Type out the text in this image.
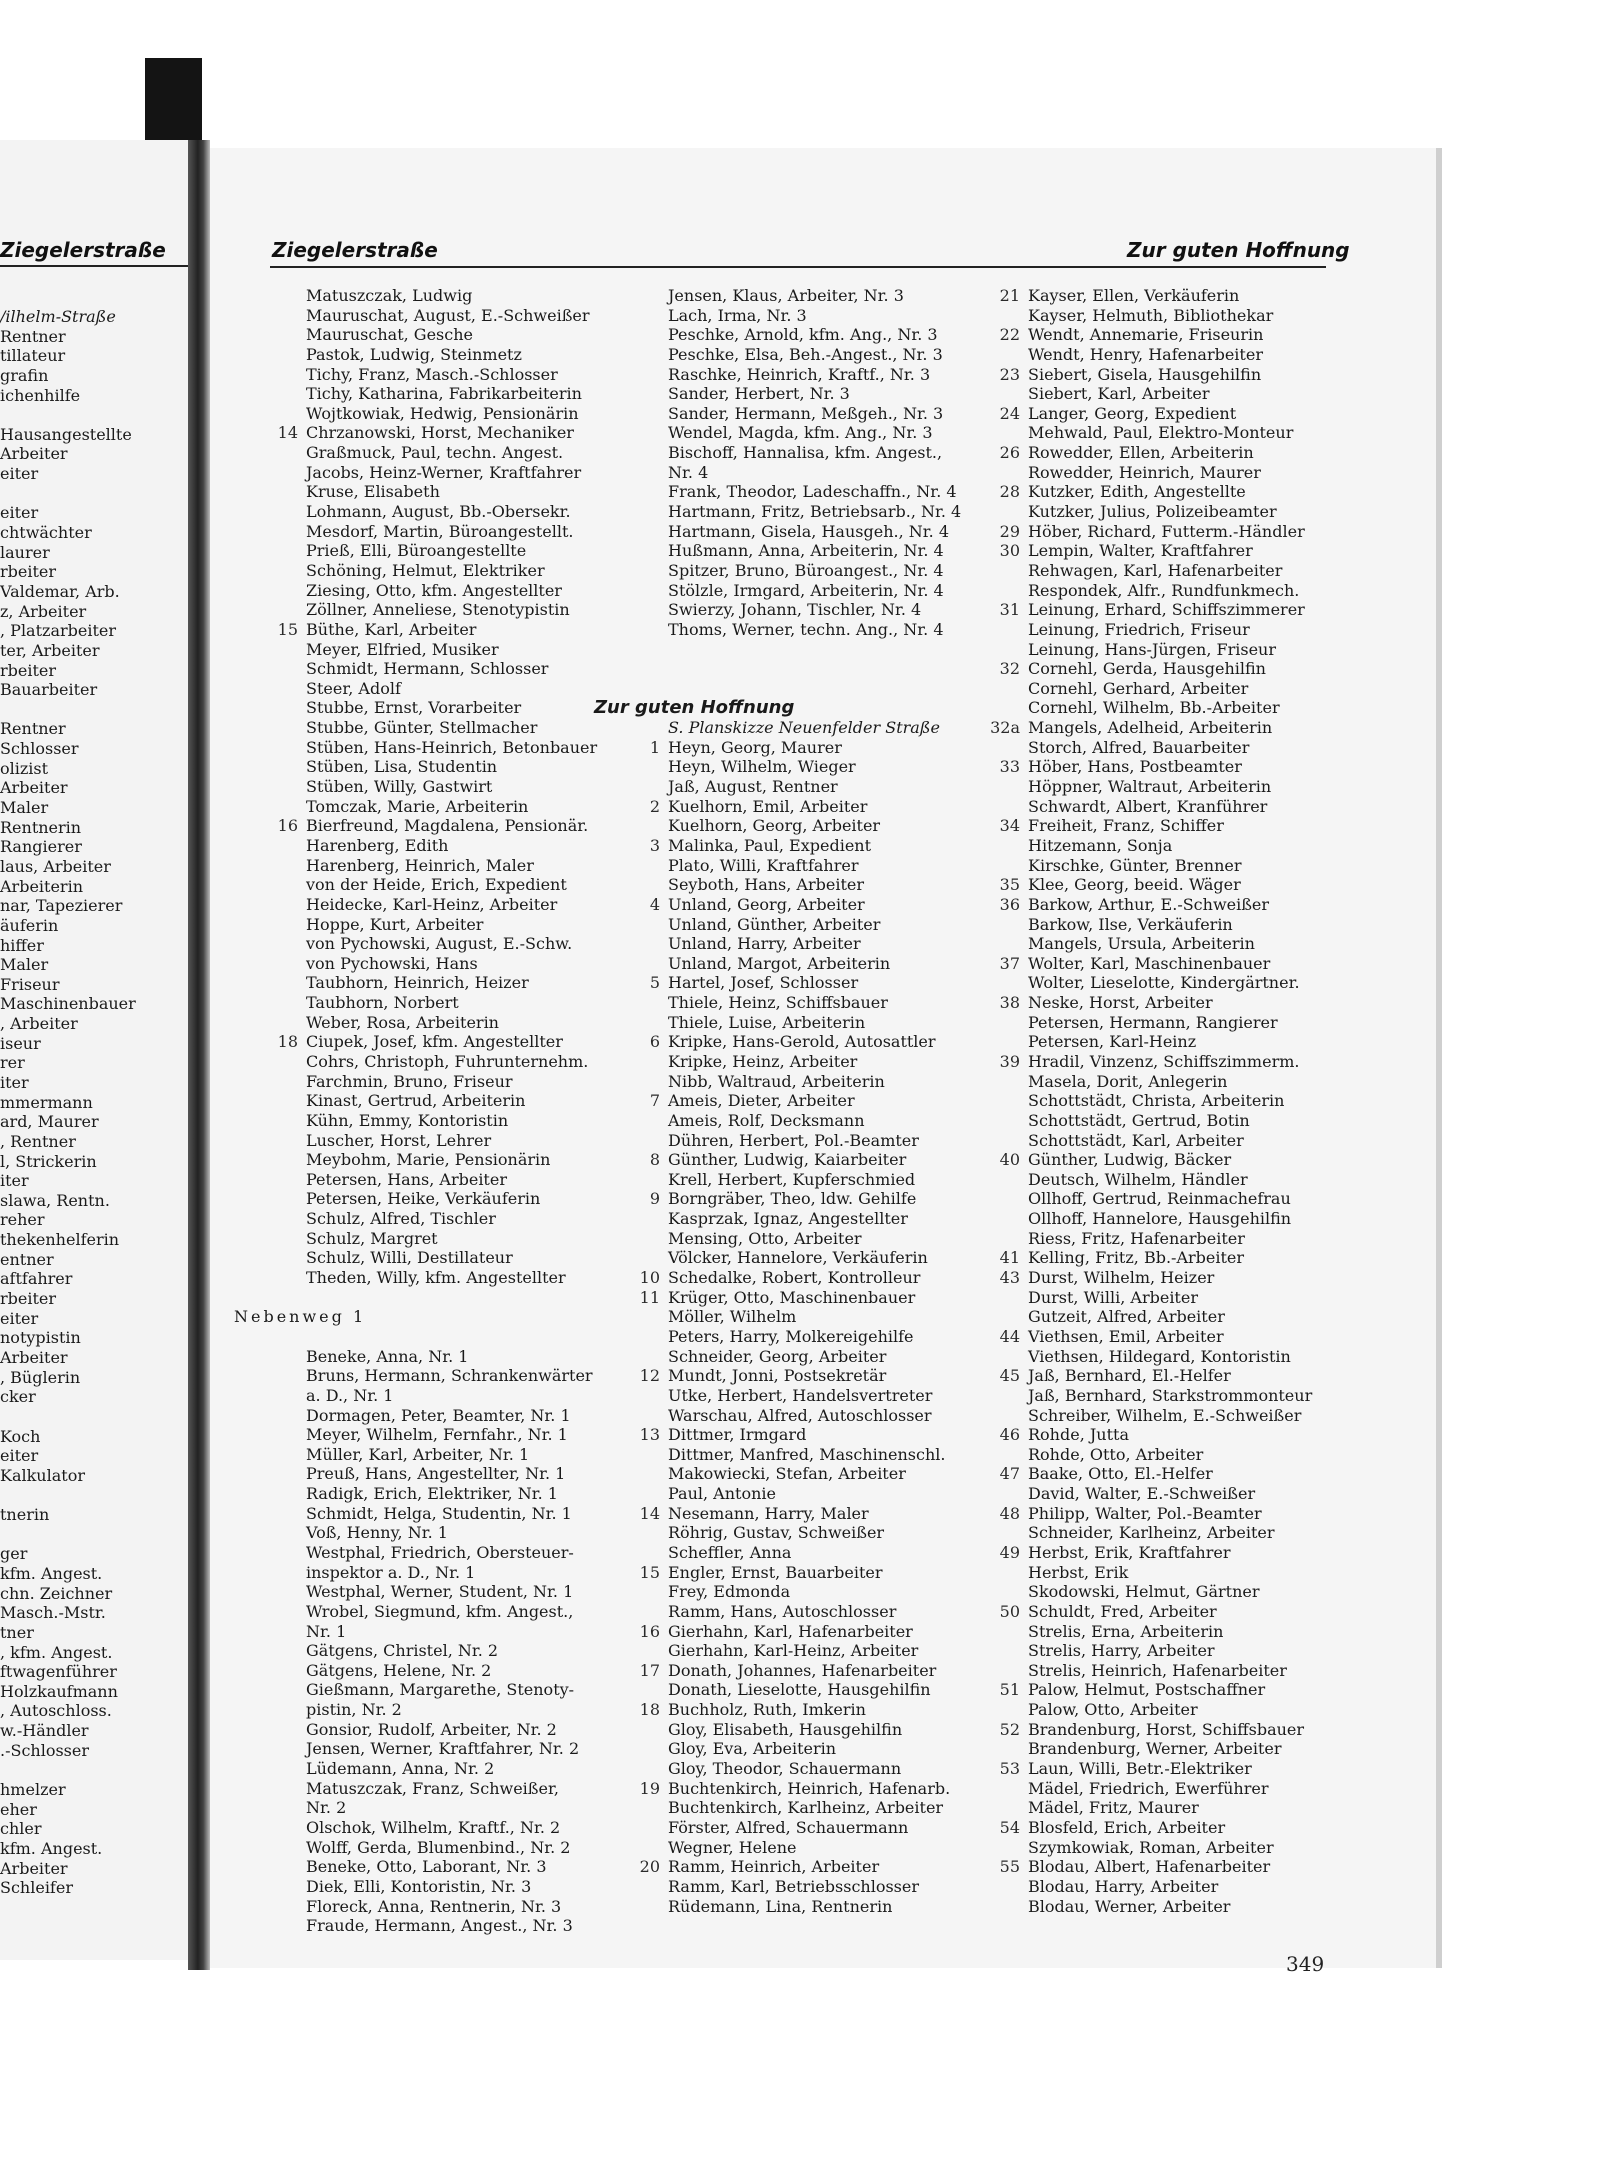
Ziegelerstraße	Ziegelerstraße	Zur guten Hoffnung
/ilhelm-Straße
Rentner
tillateur
grafin
ichenhilfe
Hausangestellte
Arbeiter
eiter
eiter
chtwächter
laurer
rbeiter
Valdemar, Arb.
z, Arbeiter
, Platzarbeiter
ter, Arbeiter
rbeiter
Bauarbeiter
Rentner
Schlosser
olizist
Arbeiter
Maler
Rentnerin
Rangierer
laus, Arbeiter
Arbeiterin
nar, Tapezierer
äuferin
hiffer
Maler
Friseur
Maschinenbauer
, Arbeiter
iseur
rer
iter
mmermann
ard, Maurer
, Rentner
l, Strickerin
iter
slawa, Rentn.
reher
thekenhelferin
entner
aftfahrer
rbeiter
eiter
notypistin
Arbeiter
, Büglerin
cker
Koch
eiter
Kalkulator
tnerin
ger
kfm. Angest.
chn. Zeichner
Masch.-Mstr.
tner
, kfm. Angest.
ftwagenführer
Holzkaufmann
, Autoschloss.
w.-Händler
.-Schlosser
hmelzer
eher
chler
kfm. Angest.
Arbeiter
Schleifer
Matuszczak, Ludwig
Mauruschat, August, E.-Schweißer
Mauruschat, Gesche
Pastok, Ludwig, Steinmetz
Tichy, Franz, Masch.-Schlosser
Tichy, Katharina, Fabrikarbeiterin
Wojtkowiak, Hedwig, Pensionärin
14 Chrzanowski, Horst, Mechaniker
Graßmuck, Paul, techn. Angest.
Jacobs, Heinz-Werner, Kraftfahrer
Kruse, Elisabeth
Lohmann, August, Bb.-Obersekr.
Mesdorf, Martin, Büroangestellt.
Prieß, Elli, Büroangestellte
Schöning, Helmut, Elektriker
Ziesing, Otto, kfm. Angestellter
Zöllner, Anneliese, Stenotypistin
15 Büthe, Karl, Arbeiter
Meyer, Elfried, Musiker
Schmidt, Hermann, Schlosser
Steer, Adolf
Stubbe, Ernst, Vorarbeiter
Stubbe, Günter, Stellmacher
Stüben, Hans-Heinrich, Betonbauer
Stüben, Lisa, Studentin
Stüben, Willy, Gastwirt
Tomczak, Marie, Arbeiterin
16 Bierfreund, Magdalena, Pensionär.
Harenberg, Edith
Harenberg, Heinrich, Maler
von der Heide, Erich, Expedient
Heidecke, Karl-Heinz, Arbeiter
Hoppe, Kurt, Arbeiter
von Pychowski, August, E.-Schw.
von Pychowski, Hans
Taubhorn, Heinrich, Heizer
Taubhorn, Norbert
Weber, Rosa, Arbeiterin
18 Ciupek, Josef, kfm. Angestellter
Cohrs, Christoph, Fuhrunternehm.
Farchmin, Bruno, Friseur
Kinast, Gertrud, Arbeiterin
Kühn, Emmy, Kontoristin
Luscher, Horst, Lehrer
Meybohm, Marie, Pensionärin
Petersen, Hans, Arbeiter
Petersen, Heike, Verkäuferin
Schulz, Alfred, Tischler
Schulz, Margret
Schulz, Willi, Destillateur
Theden, Willy, kfm. Angestellter
Nebenweg 1
Beneke, Anna, Nr. 1
Bruns, Hermann, Schrankenwärter
a. D., Nr. 1
Dormagen, Peter, Beamter, Nr. 1
Meyer, Wilhelm, Fernfahr., Nr. 1
Müller, Karl, Arbeiter, Nr. 1
Preuß, Hans, Angestellter, Nr. 1
Radigk, Erich, Elektriker, Nr. 1
Schmidt, Helga, Studentin, Nr. 1
Voß, Henny, Nr. 1
Westphal, Friedrich, Obersteuer-
inspektor a. D., Nr. 1
Westphal, Werner, Student, Nr. 1
Wrobel, Siegmund, kfm. Angest.,
Nr. 1
Gätgens, Christel, Nr. 2
Gätgens, Helene, Nr. 2
Gießmann, Margarethe, Stenoty-
pistin, Nr. 2
Gonsior, Rudolf, Arbeiter, Nr. 2
Jensen, Werner, Kraftfahrer, Nr. 2
Lüdemann, Anna, Nr. 2
Matuszczak, Franz, Schweißer,
Nr. 2
Olschok, Wilhelm, Kraftf., Nr. 2
Wolff, Gerda, Blumenbind., Nr. 2
Beneke, Otto, Laborant, Nr. 3
Diek, Elli, Kontoristin, Nr. 3
Floreck, Anna, Rentnerin, Nr. 3
Fraude, Hermann, Angest., Nr. 3
Jensen, Klaus, Arbeiter, Nr. 3
Lach, Irma, Nr. 3
Peschke, Arnold, kfm. Ang., Nr. 3
Peschke, Elsa, Beh.-Angest., Nr. 3
Raschke, Heinrich, Kraftf., Nr. 3
Sander, Herbert, Nr. 3
Sander, Hermann, Meßgeh., Nr. 3
Wendel, Magda, kfm. Ang., Nr. 3
Bischoff, Hannalisa, kfm. Angest.,
Nr. 4
Frank, Theodor, Ladeschaffn., Nr. 4
Hartmann, Fritz, Betriebsarb., Nr. 4
Hartmann, Gisela, Hausgeh., Nr. 4
Hußmann, Anna, Arbeiterin, Nr. 4
Spitzer, Bruno, Büroangest., Nr. 4
Stölzle, Irmgard, Arbeiterin, Nr. 4
Swierzy, Johann, Tischler, Nr. 4
Thoms, Werner, techn. Ang., Nr. 4
Zur guten Hoffnung
S. Planskizze Neuenfelder Straße
1 Heyn, Georg, Maurer
Heyn, Wilhelm, Wieger
Jaß, August, Rentner
2 Kuelhorn, Emil, Arbeiter
Kuelhorn, Georg, Arbeiter
3 Malinka, Paul, Expedient
Plato, Willi, Kraftfahrer
Seyboth, Hans, Arbeiter
4 Unland, Georg, Arbeiter
Unland, Günther, Arbeiter
Unland, Harry, Arbeiter
Unland, Margot, Arbeiterin
5 Hartel, Josef, Schlosser
Thiele, Heinz, Schiffsbauer
Thiele, Luise, Arbeiterin
6 Kripke, Hans-Gerold, Autosattler
Kripke, Heinz, Arbeiter
Nibb, Waltraud, Arbeiterin
7 Ameis, Dieter, Arbeiter
Ameis, Rolf, Decksmann
Dühren, Herbert, Pol.-Beamter
8 Günther, Ludwig, Kaiarbeiter
Krell, Herbert, Kupferschmied
9 Borngräber, Theo, ldw. Gehilfe
Kasprzak, Ignaz, Angestellter
Mensing, Otto, Arbeiter
Völcker, Hannelore, Verkäuferin
10 Schedalke, Robert, Kontrolleur
11 Krüger, Otto, Maschinenbauer
Möller, Wilhelm
Peters, Harry, Molkereigehilfe
Schneider, Georg, Arbeiter
12 Mundt, Jonni, Postsekretär
Utke, Herbert, Handelsvertreter
Warschau, Alfred, Autoschlosser
13 Dittmer, Irmgard
Dittmer, Manfred, Maschinenschl.
Makowiecki, Stefan, Arbeiter
Paul, Antonie
14 Nesemann, Harry, Maler
Röhrig, Gustav, Schweißer
Scheffler, Anna
15 Engler, Ernst, Bauarbeiter
Frey, Edmonda
Ramm, Hans, Autoschlosser
16 Gierhahn, Karl, Hafenarbeiter
Gierhahn, Karl-Heinz, Arbeiter
17 Donath, Johannes, Hafenarbeiter
Donath, Lieselotte, Hausgehilfin
18 Buchholz, Ruth, Imkerin
Gloy, Elisabeth, Hausgehilfin
Gloy, Eva, Arbeiterin
Gloy, Theodor, Schauermann
19 Buchtenkirch, Heinrich, Hafenarb.
Buchtenkirch, Karlheinz, Arbeiter
Förster, Alfred, Schauermann
Wegner, Helene
20 Ramm, Heinrich, Arbeiter
Ramm, Karl, Betriebsschlosser
Rüdemann, Lina, Rentnerin
21 Kayser, Ellen, Verkäuferin
Kayser, Helmuth, Bibliothekar
22 Wendt, Annemarie, Friseurin
Wendt, Henry, Hafenarbeiter
23 Siebert, Gisela, Hausgehilfin
Siebert, Karl, Arbeiter
24 Langer, Georg, Expedient
Mehwald, Paul, Elektro-Monteur
26 Rowedder, Ellen, Arbeiterin
Rowedder, Heinrich, Maurer
28 Kutzker, Edith, Angestellte
Kutzker, Julius, Polizeibeamter
29 Höber, Richard, Futterm.-Händler
30 Lempin, Walter, Kraftfahrer
Rehwagen, Karl, Hafenarbeiter
Respondek, Alfr., Rundfunkmech.
31 Leinung, Erhard, Schiffszimmerer
Leinung, Friedrich, Friseur
Leinung, Hans-Jürgen, Friseur
32 Cornehl, Gerda, Hausgehilfin
Cornehl, Gerhard, Arbeiter
Cornehl, Wilhelm, Bb.-Arbeiter
32a Mangels, Adelheid, Arbeiterin
Storch, Alfred, Bauarbeiter
33 Höber, Hans, Postbeamter
Höppner, Waltraut, Arbeiterin
Schwardt, Albert, Kranführer
34 Freiheit, Franz, Schiffer
Hitzemann, Sonja
Kirschke, Günter, Brenner
35 Klee, Georg, beeid. Wäger
36 Barkow, Arthur, E.-Schweißer
Barkow, Ilse, Verkäuferin
Mangels, Ursula, Arbeiterin
37 Wolter, Karl, Maschinenbauer
Wolter, Lieselotte, Kindergärtner.
38 Neske, Horst, Arbeiter
Petersen, Hermann, Rangierer
Petersen, Karl-Heinz
39 Hradil, Vinzenz, Schiffszimmerm.
Masela, Dorit, Anlegerin
Schottstädt, Christa, Arbeiterin
Schottstädt, Gertrud, Botin
Schottstädt, Karl, Arbeiter
40 Günther, Ludwig, Bäcker
Deutsch, Wilhelm, Händler
Ollhoff, Gertrud, Reinmachefrau
Ollhoff, Hannelore, Hausgehilfin
Riess, Fritz, Hafenarbeiter
41 Kelling, Fritz, Bb.-Arbeiter
43 Durst, Wilhelm, Heizer
Durst, Willi, Arbeiter
Gutzeit, Alfred, Arbeiter
44 Viethsen, Emil, Arbeiter
Viethsen, Hildegard, Kontoristin
45 Jaß, Bernhard, El.-Helfer
Jaß, Bernhard, Starkstrommonteur
Schreiber, Wilhelm, E.-Schweißer
46 Rohde, Jutta
Rohde, Otto, Arbeiter
47 Baake, Otto, El.-Helfer
David, Walter, E.-Schweißer
48 Philipp, Walter, Pol.-Beamter
Schneider, Karlheinz, Arbeiter
49 Herbst, Erik, Kraftfahrer
Herbst, Erik
Skodowski, Helmut, Gärtner
50 Schuldt, Fred, Arbeiter
Strelis, Erna, Arbeiterin
Strelis, Harry, Arbeiter
Strelis, Heinrich, Hafenarbeiter
51 Palow, Helmut, Postschaffner
Palow, Otto, Arbeiter
52 Brandenburg, Horst, Schiffsbauer
Brandenburg, Werner, Arbeiter
53 Laun, Willi, Betr.-Elektriker
Mädel, Friedrich, Ewerführer
Mädel, Fritz, Maurer
54 Blosfeld, Erich, Arbeiter
Szymkowiak, Roman, Arbeiter
55 Blodau, Albert, Hafenarbeiter
Blodau, Harry, Arbeiter
Blodau, Werner, Arbeiter
349
